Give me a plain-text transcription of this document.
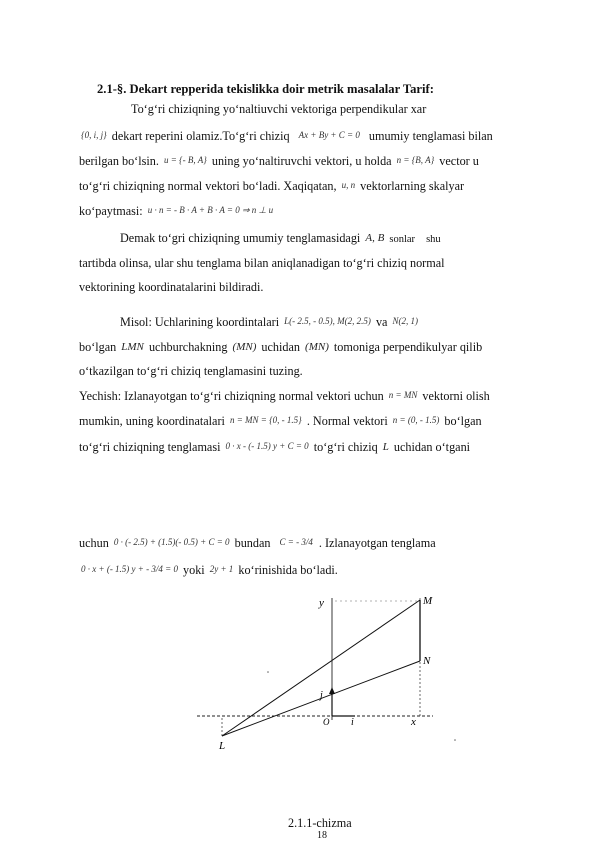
2.1-§. Dekart repperida tekislikka doir metrik masalalar Tarif:
To‘g‘ri chiziqning yo‘naltiuvchi vektoriga perpendikular xar
{0, i, j} dekart reperini olamiz.To‘g‘ri chiziq Ax + By + C = 0 umumiy tenglamasi bilan
berilgan bo‘lsin. u = {- B, A} uning yo‘naltiruvchi vektori, u holda n = {B, A} vector u
to‘g‘ri chiziqning normal vektori bo‘ladi. Xaqiqatan, u, n vektorlarning skalyar
ko‘paytmasi: u · n = - B · A + B · A = 0 ⇒ n ⊥ u
Demak to‘gri chiziqning umumiy tenglamasidagi A, B sonlar shu
tartibda olinsa, ular shu tenglama bilan aniqlanadigan to‘g‘ri chiziq normal
vektorining koordinatalarini bildiradi.
Misol: Uchlarining koordintalari L(- 2.5, - 0.5), M(2, 2.5) va N(2, 1)
bo‘lgan LMN uchburchakning (MN) uchidan (MN) tomoniga perpendikulyar qilib
o‘tkazilgan to‘g‘ri chiziq tenglamasini tuzing.
Yechish: Izlanayotgan to‘g‘ri chiziqning normal vektori uchun n = MN vektorni olish
mumkin, uning koordinatalari n = MN = {0, - 1.5} . Normal vektori n = (0, - 1.5) bo‘lgan
to‘g‘ri chiziqning tenglamasi 0 · x - (- 1.5) y + C = 0 to‘g‘ri chiziq L uchidan o‘tgani
uchun 0 · (- 2.5) + (1.5)(- 0.5) + C = 0 bundan C = - 3/4 . Izlanayotgan tenglama
0 · x + (- 1.5) y + - 3/4 = 0 yoki 2y + 1 ko‘rinishida bo‘ladi.
y	M
N
L
x
j
i
O
2.1.1-chizma
18
